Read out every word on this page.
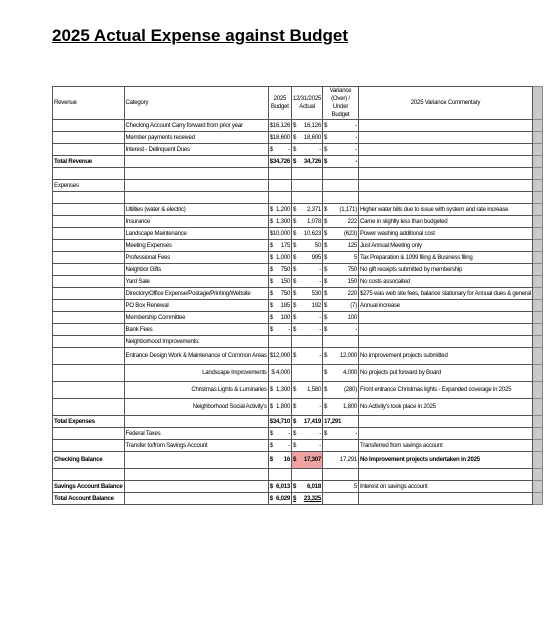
2025 Actual Expense against Budget
Revenue	Category	2025 Budget	12/31/2025 Actual	Variance (Over) / Under Budget	2025 Variance Commentary	
	Checking Account Carry forward from prior year	$16,126	$ 16,126	$ -		

	Member payments received	$18,600	$ 18,600	$ -		

	Interest - Delinquent Dues	$ -	$ -	$ -		

Total Revenue		$34,726	$ 34,726	$ -		

Expenses						

	Utilities (water & electric)	$ 1,200	$ 2,371	$ (1,171)	Higher water bills due to issue with system and rate increase	
	Insurance	$ 1,300	$ 1,078	$ 222	Came in slightly less than budgeted	
	Landscape Maintenance	$10,000	$ 10,623	$ (623)	Power washing additional cost	
	Meeting Expenses	$ 175	$ 50	$ 125	Just Annual Meeting only	
	Professional Fees	$ 1,000	$ 995	$ 5	Tax Preparation & 1099 filing & Business filing	
	Neighbor Gifts	$ 750	$ -	$ 750	No gift receipts submitted by membership	
	Yard Sale	$ 150	$ -	$ 150	No costs assocaited	
	Directory/Office Expense/Postage/Printing/Website	$ 750	$ 530	$ 220	$275 was web site fees, balance stationary for Annual dues & general	
	PO Box Renewal	$ 185	$ 192	$ (7)	Annual increase	
	Membership Committee	$ 100	$ -	$ 100		

	Bank Fees	$ -	$ -	$ -		

	Neighborhood Improvements:					
	Entrance Design Work & Maintenance of Common Areas	$12,000	$ -	$ 12,000	No improvement projects submitted	
	Landscape Improvements	$ 4,000		$ 4,000	No projects put forward by Board	
	Christmas Lights & Luminaries	$ 1,300	$ 1,580	$ (280)	Front entrance Christmas lights - Expanded coverage in 2025	
	Neighborhood Social Activity's	$ 1,800	$ -	$ 1,800	No Activity's took place in 2025	
Total Expenses		$34,710	$ 17,419	17,291		
	Federal Taxes	$ -	$ -	$ -		

	Transfer to/from Savings Account	$ -	$ -		Transferred from savings account	
Checking Balance		$ 16	$ 17,307	17,291	No Improvement projects undertaken in 2025	

Savings Account Balance		$ 6,013	$ 6,018	5	Interest on savings account	
Total Account Balance		$ 6,029	$ 23,325			
